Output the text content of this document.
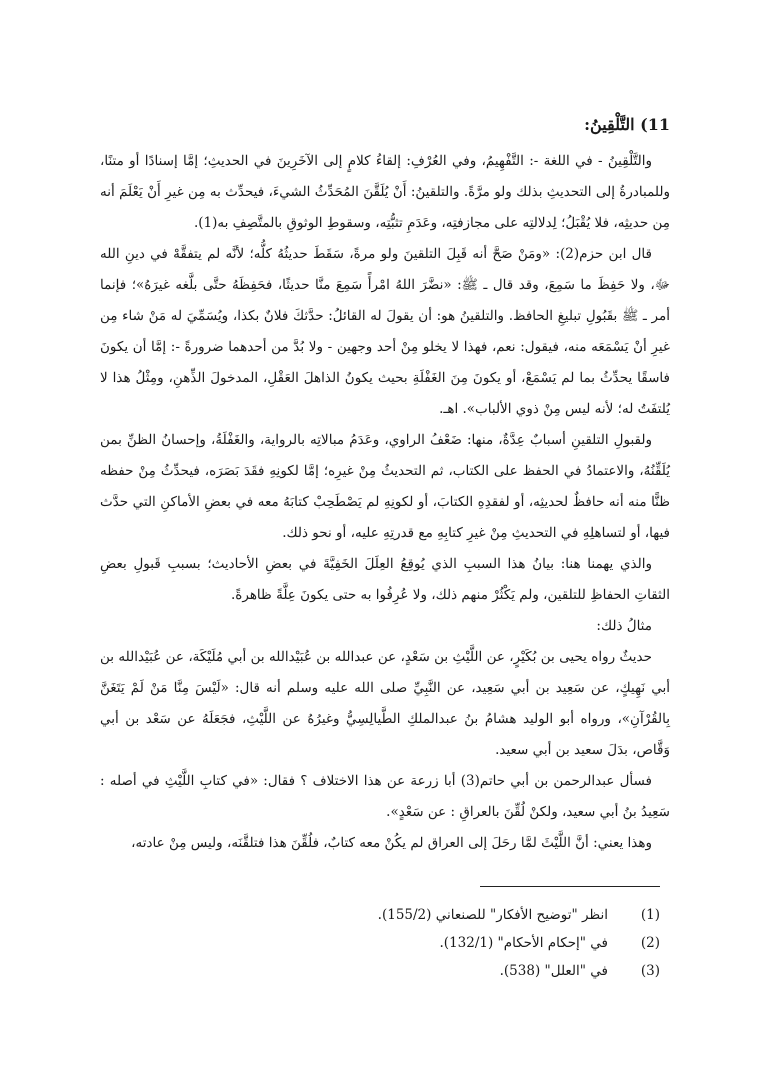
11) التَّلْقِينُ:

والتَّلْقِينُ - في اللغة -: التَّفْهِيمُ، وفي العُرْفِ: إلقاءُ كلامٍ إلى الآخَرِينَ في الحديثِ؛ إمَّا إسنادًا أو متنًا، وللمبادرةُ إلى التحديثِ بذلك ولو مرَّةً. والتلقينُ: أَنْ يُلَقَّنَ المُحَدِّثُ الشيءَ، فيحدِّث به مِن غيرِ أَنْ يَعْلَمَ أنه مِن حديثِه، فلا يُقْبَلُ؛ لِدلالتِه على مجازفتِه، وعَدَمِ تثبُّتِه، وسقوطِ الوثوقِ بالمتَّصِفِ به(1).

قال ابن حزم(2): «ومَنْ صَحَّ أنه قَبِلَ التلقينَ ولو مرةً، سَقَطَ حديثُهُ كلُّه؛ لأنَّه لم يتفقَّهْ في دينِ الله ﷻ، ولا حَفِظَ ما سَمِعَ، وقد قال ـ ﷺ: «نضَّرَ اللهُ امْرأً سَمِعَ منَّا حديثًا، فحَفِظَهُ حتَّى بلَّغه غيرَهُ»؛ فإنما أمر ـ ﷺ بقَبُولِ تبليغِ الحافظ. والتلقينُ هو: أن يقولَ له القائلُ: حدَّثكَ فلانٌ بكذا، ويُسَمِّيَ له مَنْ شاء مِن غيرِ أنْ يَسْمَعَه منه، فيقول: نعم، فهذا لا يخلو مِنْ أحد وجهين - ولا بُدَّ من أحدهما ضرورةً -: إمَّا أن يكونَ فاسقًا يحدِّثُ بما لم يَسْمَعْ، أو يكونَ مِنَ الغَفْلَةِ بحيث يكونُ الذاهلَ العَقْلِ، المدخولَ الذِّهنِ، ومِثْلُ هذا لا يُلتفَتُ له؛ لأنه ليس مِنْ ذوي الألباب». اهـ.

ولقبولِ التلقينِ أسبابٌ عِدَّةٌ، منها: ضَعْفُ الراوي، وعَدَمُ مبالاتِه بالرواية، والغَفْلَةُ، وإحسانُ الظنِّ بمن يُلَقِّنُهُ، والاعتمادُ في الحفظ على الكتاب، ثم التحديثُ مِنْ غيرِه؛ إمَّا لكونِهِ فقَدَ بَصَرَه، فيحدِّثُ مِنْ حفظه ظنًّا منه أنه حافظٌ لحديثِه، أو لفقدِهِ الكتابَ، أو لكونِهِ لم يَصْطَحِبْ كتابَهُ معه في بعضِ الأماكنِ التي حدَّث فيها، أو لتساهلِهِ في التحديثِ مِنْ غيرِ كتابِهِ مع قدرتِهِ عليه، أو نحو ذلك.

والذي يهمنا هنا: بيانُ هذا السببِ الذي يُوقِعُ العِلَلَ الخَفِيَّةَ في بعضِ الأحاديث؛ بسببِ قَبولِ بعضِ الثقاتِ الحفاظِ للتلقين، ولم يَكْثُرْ منهم ذلك، ولا عُرِفُوا به حتى يكونَ عِلَّةً ظاهرةً.

مثالُ ذلك:

حديثٌ رواه يحيى بن بُكَيْرٍ، عن اللَّيْثِ بن سَعْدٍ، عن عبدالله بن عُبَيْدالله بن أبي مُلَيْكَة، عن عُبَيْدالله بن أبي نَهِيكٍ، عن سَعِيد بن أبي سَعِيد، عن النَّبِيِّ صلى الله عليه وسلم أنه قال: «لَيْسَ مِنَّا مَنْ لَمْ يَتَغَنَّ بِالقُرْآنِ»، ورواه أبو الوليد هشامُ بنُ عبدالملكِ الطَّيالِسِيُّ وغيرُهُ عن اللَّيْثِ، فجَعَلَهُ عن سَعْد بن أبي وَقَّاص، بدَلَ سعيد بن أبي سعيد.

فسأل عبدالرحمن بن أبي حاتم(3) أبا زرعة عن هذا الاختلاف ؟ فقال: «في كتابِ اللَّيْثِ في أصله : سَعِيدُ بنُ أبي سعيد، ولكنْ لُقِّنَ بالعراقِ : عن سَعْدٍ».

وهذا يعني: أنَّ اللَّيْثَ لمَّا رحَلَ إلى العراق لم يكُنْ معه كتابٌ، فلُقِّنَ هذا فتلقَّنَه، وليس مِنْ عادته،

(1)
انظر "توضيح الأفكار" للصنعاني (155/2).
(2)
في "إحكام الأحكام" (132/1).
(3)
في "العلل" (538).
